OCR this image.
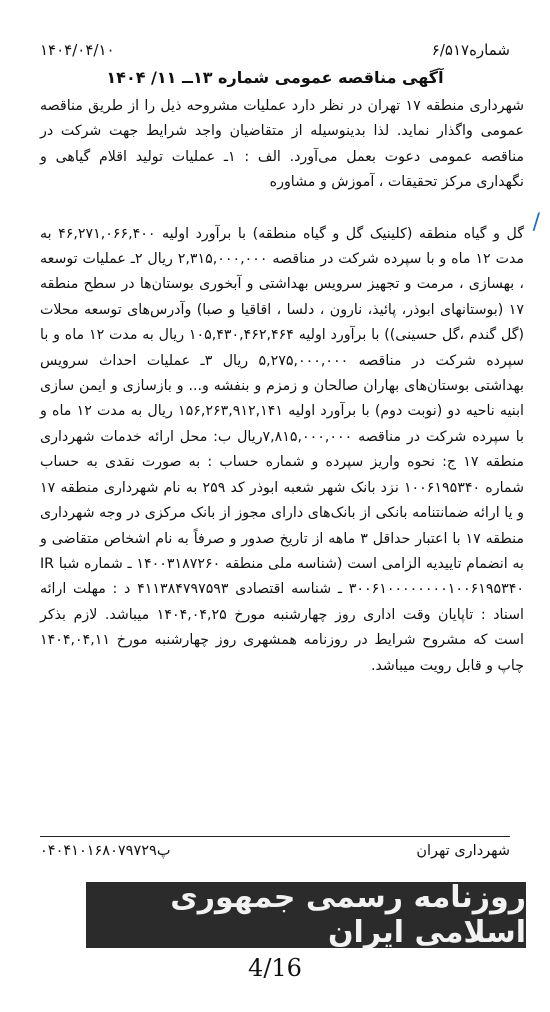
شماره۶/۵۱۷
۱۴۰۴/۰۴/۱۰
آگهی مناقصه عمومی شماره ۱۳ــ ۱۱/ ۱۴۰۴

شهرداری منطقه ۱۷ تهران در نظر دارد عملیات مشروحه ذیل را از طریق مناقصه عمومی واگذار نماید. لذا بدینوسیله از متقاضیان واجد شرایط جهت شرکت در مناقصه عمومی دعوت بعمل می‌آورد. الف : ۱ـ عملیات تولید اقلام گیاهی و نگهداری مرکز تحقیقات ، آموزش و مشاوره

گل و گیاه منطقه (کلینیک گل و گیاه منطقه) با برآورد اولیه ۴۶,۲۷۱,۰۶۶,۴۰۰ به مدت ۱۲ ماه و با سپرده شرکت در مناقصه ۲,۳۱۵,۰۰۰,۰۰۰ ریال ۲ـ عملیات توسعه ، بهسازی ، مرمت و تجهیز سرویس بهداشتی و آبخوری بوستان‌ها در سطح منطقه ۱۷ (بوستانهای ابوذر، پائیذ، نارون ، دلسا ، اقاقیا و صبا) وآدرس‌های توسعه محلات (گل گندم ،گل حسینی)) با برآورد اولیه ۱۰۵,۴۳۰,۴۶۲,۴۶۴ ریال به مدت ۱۲ ماه و با سپرده شرکت در مناقصه ۵,۲۷۵,۰۰۰,۰۰۰ ریال ۳ـ عملیات احداث سرویس بهداشتی بوستان‌های بهاران صالحان و زمزم و بنفشه و... و بازسازی و ایمن سازی ابنیه ناحیه دو (نوبت دوم) با برآورد اولیه ۱۵۶,۲۶۳,۹۱۲,۱۴۱ ریال به مدت ۱۲ ماه و با سپرده شرکت در مناقصه ۷,۸۱۵,۰۰۰,۰۰۰ریال ب: محل ارائه خدمات شهرداری منطقه ۱۷ ج: نحوه واریز سپرده و شماره حساب : به صورت نقدی به حساب شماره ۱۰۰۶۱۹۵۳۴۰ نزد بانک شهر شعبه ابوذر کد ۲۵۹ به نام شهرداری منطقه ۱۷ و یا ارائه ضمانتنامه بانکی از بانک‌های دارای مجوز از بانک مرکزی در وجه شهرداری منطقه ۱۷ با اعتبار حداقل ۳ ماهه از تاریخ صدور و صرفاً به نام اشخاص متقاضی و به انضمام تاییدیه الزامی است (شناسه ملی منطقه ۱۴۰۰۳۱۸۷۲۶۰ ـ شماره شبا IR ۳۰۰۶۱۰۰۰۰۰۰۰۰۱۰۰۶۱۹۵۳۴۰ ـ شناسه اقتصادی ۴۱۱۳۸۴۷۹۷۵۹۳ د : مهلت ارائه اسناد : تاپایان وقت اداری روز چهارشنبه مورخ ۱۴۰۴,۰۴,۲۵ میباشد. لازم بذکر است که مشروح شرایط در روزنامه همشهری روز چهارشنبه مورخ ۱۴۰۴,۰۴,۱۱ چاپ و قابل رویت میباشد.

/
شهرداری تهران
پ۰۴۰۴۱۰۱۶۸۰۷۹۷۲۹
روزنامه رسمی جمهوری اسلامی ایران
4/16
